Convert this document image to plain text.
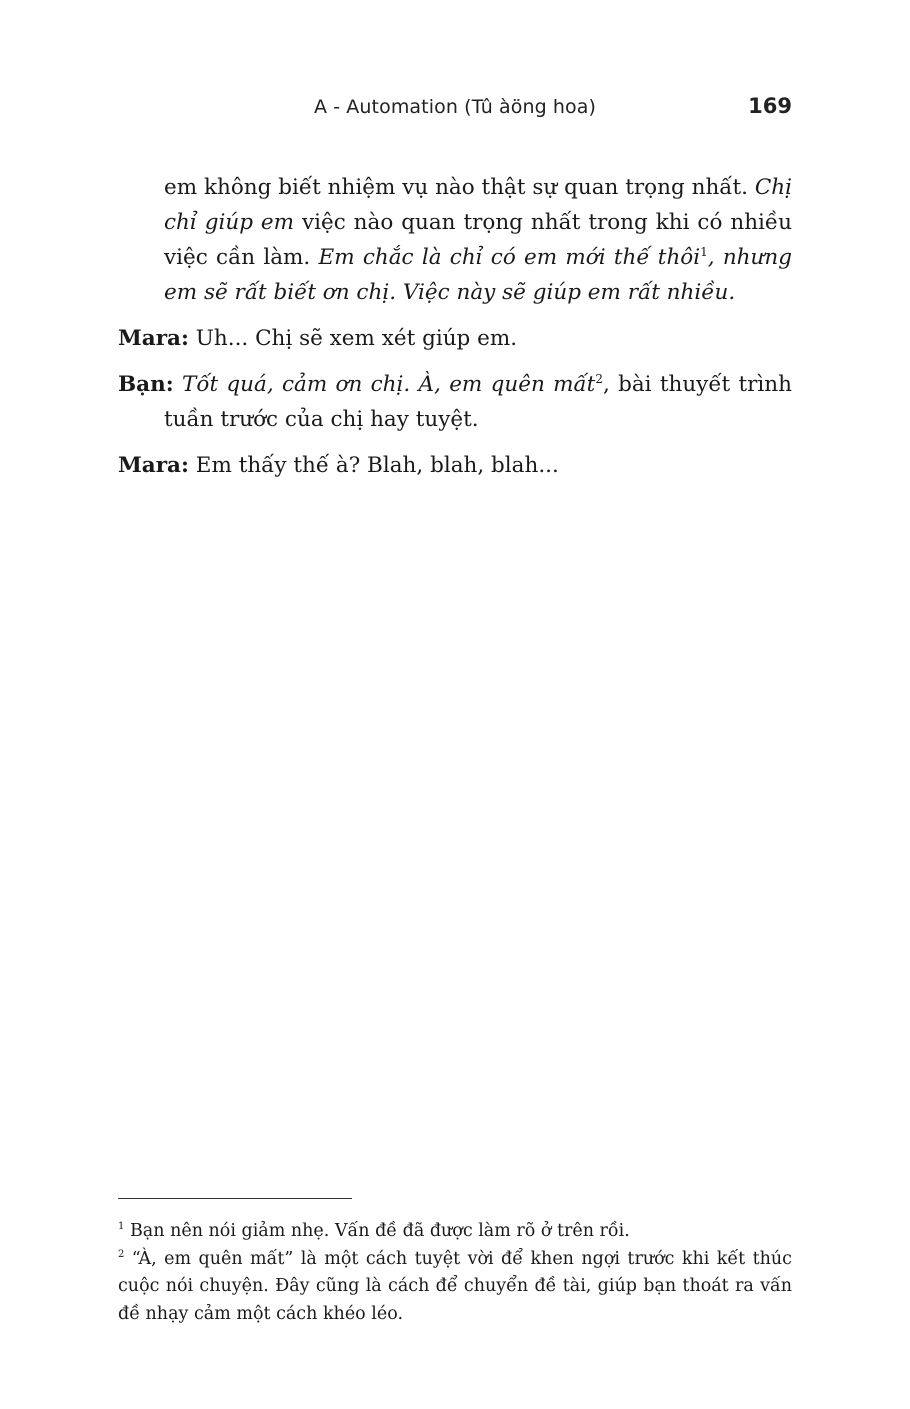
A - Automation (Tû àöng hoa)	169

em không biết nhiệm vụ nào thật sự quan trọng nhất. Chị chỉ giúp em việc nào quan trọng nhất trong khi có nhiều việc cần làm. Em chắc là chỉ có em mới thế thôi$^1$, nhưng em sẽ rất biết ơn chị. Việc này sẽ giúp em rất nhiều.

Mara: Uh... Chị sẽ xem xét giúp em.

Bạn: Tốt quá, cảm ơn chị. À, em quên mất$^2$, bài thuyết trình tuần trước của chị hay tuyệt.

Mara: Em thấy thế à? Blah, blah, blah...

$^1$ Bạn nên nói giảm nhẹ. Vấn đề đã được làm rõ ở trên rồi.

$^2$ “À, em quên mất” là một cách tuyệt vời để khen ngợi trước khi kết thúc cuộc nói chuyện. Đây cũng là cách để chuyển đề tài, giúp bạn thoát ra vấn đề nhạy cảm một cách khéo léo.
